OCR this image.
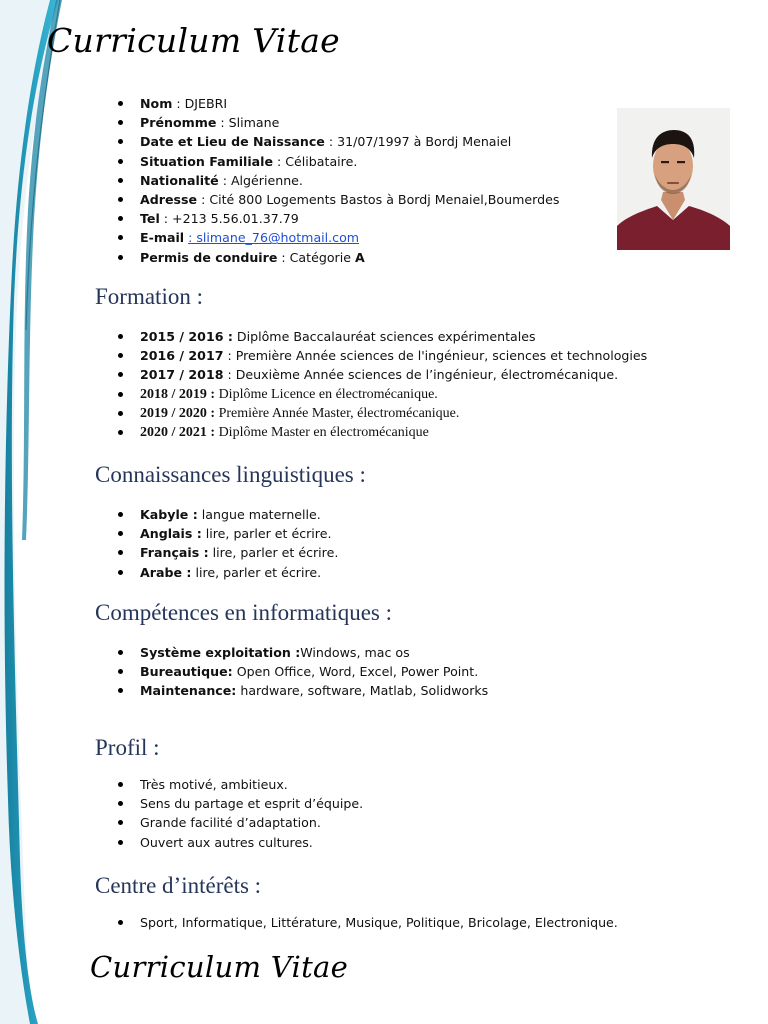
Curriculum Vitae
Nom : DJEBRI
Prénomme : Slimane
Date et Lieu de Naissance : 31/07/1997 à Bordj Menaiel
Situation Familiale : Célibataire.
Nationalité : Algérienne.
Adresse : Cité 800 Logements Bastos à Bordj Menaiel,Boumerdes
Tel : +213 5.56.01.37.79
E-mail : slimane_76@hotmail.com
Permis de conduire : Catégorie A
Formation :
2015 / 2016 : Diplôme Baccalauréat sciences expérimentales
2016 / 2017 : Première Année sciences de l'ingénieur, sciences et technologies
2017 / 2018 : Deuxième Année sciences de l’ingénieur, électromécanique.
2018 / 2019 : Diplôme Licence en électromécanique.
2019 / 2020 : Première Année Master, électromécanique.
2020 / 2021 : Diplôme Master en électromécanique
Connaissances linguistiques :
Kabyle : langue maternelle.
Anglais : lire, parler et écrire.
Français : lire, parler et écrire.
Arabe : lire, parler et écrire.
Compétences en informatiques :
Système exploitation :Windows, mac os
Bureautique: Open Office, Word, Excel, Power Point.
Maintenance: hardware, software, Matlab, Solidworks
Profil :
Très motivé, ambitieux.
Sens du partage et esprit d’équipe.
Grande facilité d’adaptation.
Ouvert aux autres cultures.
Centre d’intérêts :
Sport, Informatique, Littérature, Musique, Politique, Bricolage, Electronique.
Curriculum Vitae
